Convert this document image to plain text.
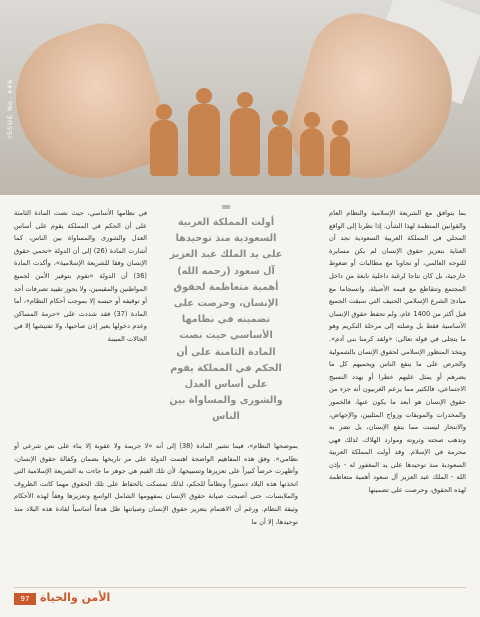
ISSUE No. 446

بما يتوافق مع الشريعة الإسلامية والنظام العام والقوانين المنظمة لهذا الشأن. إذا نظرنا إلى الواقع المحلي في المملكة العربية السعودية نجد أن العناية بتعزيز حقوق الإنسان لم يكن مسايرة للتوجه العالمي، أو تجاوبا مع مطالبات أو ضغوط خارجية، بل كان نتاجا لرغبة داخلية نابعة من داخل المجتمع وتتقاطع مع قيمه الأصيلة، وانسجاما مع مبادئ الشرع الإسلامي الحنيف التي سبقت الجميع قبل أكثر من 1400 عام، ولم تحفظ حقوق الإنسان الأساسية فقط بل وصلته إلى مرحلة التكريم وهو ما يتجلى في قوله تعالى: «ولقد كرمنا بني آدم». ويتخذ المنظور الإسلامي لحقوق الإنسان بالشمولية والحرص على ما ينفع الناس ويحميهم كل ما يضرهم أو يمثل عليهم خطرا أو يهدد النسيج الاجتماعي، فالكثير مما يزعم الغربيون أنه جزء من حقوق الإنسان هو أبعد ما يكون عنها، فالخمور والمخدرات والموبقات وزواج المثليين، والإجهاض، والانتحار ليست مما ينفع الإنسان، بل تضر به وتذهب صحته وثروته وموارد الهلاك، لذلك فهي محرمة في الإسلام. وقد أولت المملكة العربية السعودية منذ توحيدها على يد المغفور له - بإذن الله - الملك عبد العزيز آل سعود أهمية متعاظمة لهذه الحقوق، وحرصت على تضمينها

أولت المملكة العربية السعودية منذ توحيدها على يد الملك عبد العزيز آل سعود (رحمه الله) أهمية متعاظمة لحقوق الإنسان، وحرصت على تضمينه في نظامها الأساسي حيث نصت المادة الثامنة على أن الحكم في المملكة يقوم على أساس العدل والشورى والمساواة بين الناس

في نظامها الأساسي، حيث نصت المادة الثامنة على أن الحكم في المملكة يقوم على أساس العدل والشورى والمساواة بين الناس، كما أشارت المادة (26) إلى أن الدولة «تحمي حقوق الإنسان وفقا للشريعة الإسلامية»، وأكدت المادة (36) أن الدولة «تقوم بتوفير الأمن لجميع المواطنين والمقيمين، ولا يجوز تقييد تصرفات أحد أو توقيفه أو حبسه إلا بموجب أحكام النظام»، أما المادة (37) فقد شددت على «حرمة المساكن وعدم دخولها بغير إذن صاحبها، ولا تفتيشها إلا في الحالات المبينة

بموضحها النظام»، فيما تشير المادة (38) إلى أنه «لا جريمة ولا عقوبة إلا بناء على نص شرعي أو نظامي». وفق هذه المفاهيم الواضحة اهتمت الدولة على مر تاريخها بضمان وكفالة حقوق الإنسان، وأظهرت حرصاً كبيراً على تعزيزها وتسييجها، لأن تلك القيم هي جوهر ما جاءت به الشريعة الإسلامية التي اتخذتها هذه البلاد دستوراً ونظاماً للحكم، لذلك تمسكت بالحفاظ على تلك الحقوق مهما كانت الظروف والملابسات، حتى أصبحت صيانة حقوق الإنسان بمفهومها الشامل الواسع وتعزيزها وفقاً لهذه الأحكام وثيقة النظام. ورغم أن الاهتمام بتعزيز حقوق الإنسان وصيانتها ظل هدفاً أساسياً لقادة هذه البلاد منذ توحيدها، إلا أن ما

97 الأمن والحياة
